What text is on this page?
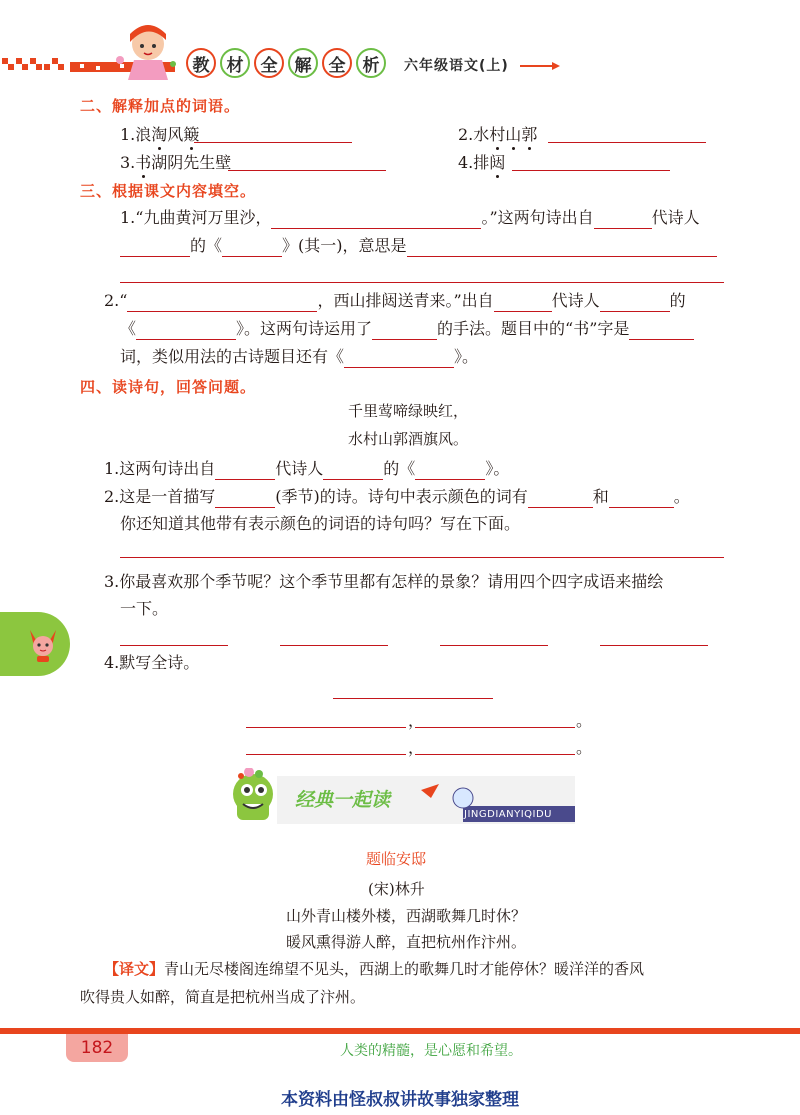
教	材	全	解	全	析	六年级语文(上)
二、解释加点的词语。
1.浪淘风簸	2.水村山郭
3.书湖阴先生壁	4.排闼
三、根据课文内容填空。
1.“九曲黄河万里沙，	。”这两句诗出自	代诗人
的《	》(其一)，意思是
2.“	，西山排闼送青来。”出自	代诗人	的
《	》。这两句诗运用了	的手法。题目中的“书”字是
词，类似用法的古诗题目还有《	》。
四、读诗句，回答问题。
千里莺啼绿映红，
水村山郭酒旗风。
1.这两句诗出自	代诗人	的《	》。
2.这是一首描写	(季节)的诗。诗句中表示颜色的词有	和	。
你还知道其他带有表示颜色的词语的诗句吗？写在下面。
3.你最喜欢那个季节呢？这个季节里都有怎样的景象？请用四个四字成语来描绘
一下。
4.默写全诗。
，	。
，	。
经典一起读
JINGDIANYIQIDU
题临安邸
(宋)林升
山外青山楼外楼，西湖歌舞几时休？
暖风熏得游人醉，直把杭州作汴州。
【译文】青山无尽楼阁连绵望不见头，西湖上的歌舞几时才能停休？暖洋洋的香风
吹得贵人如醉，简直是把杭州当成了汴州。
182	人类的精髓，是心愿和希望。
本资料由怪叔叔讲故事独家整理
